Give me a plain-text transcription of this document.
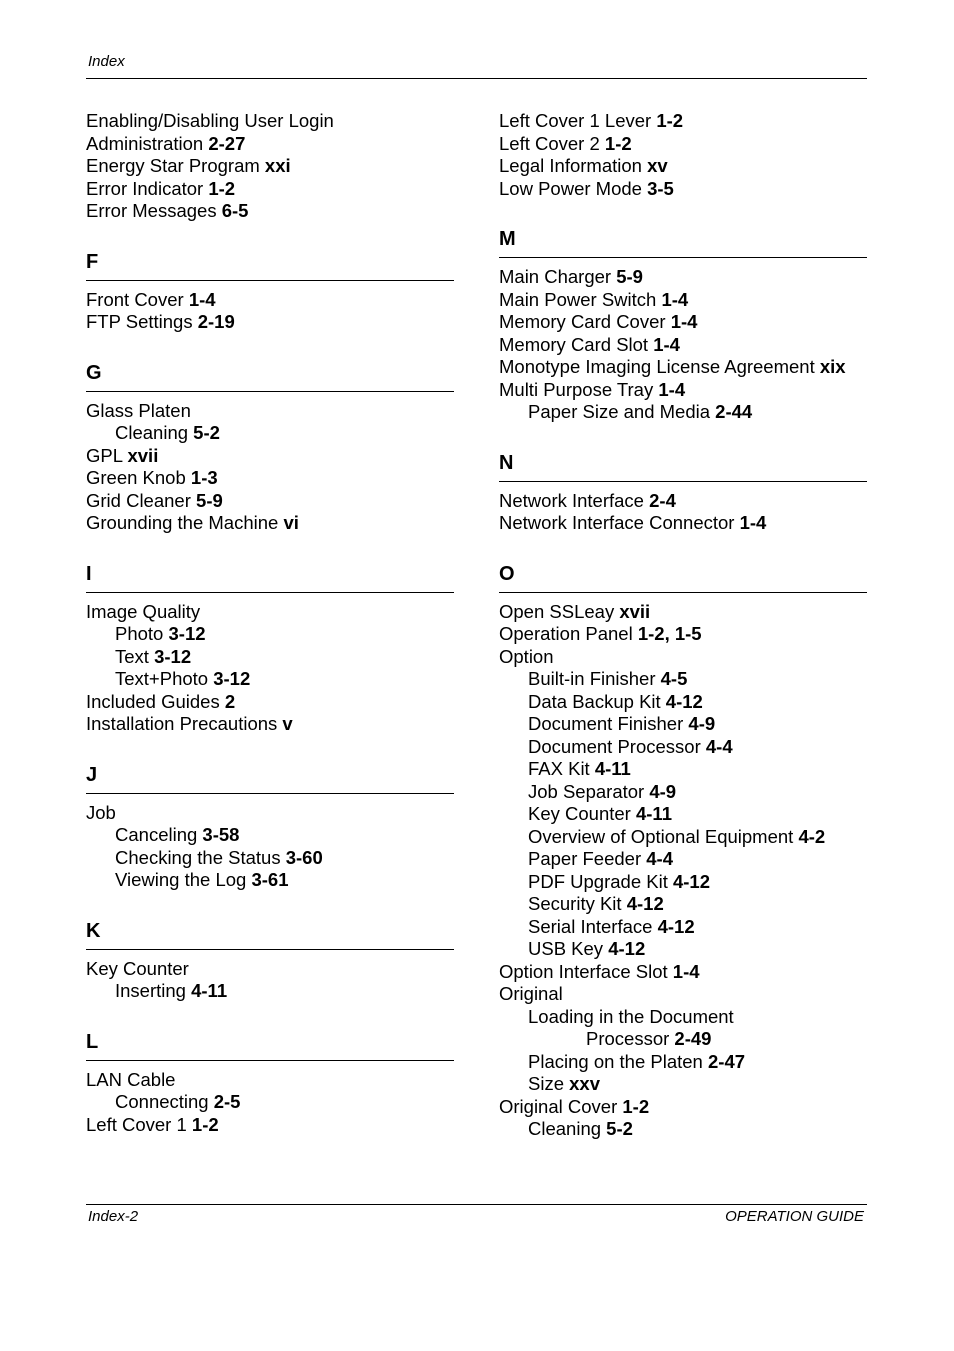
Index
Enabling/Disabling User Login
Administration 2-27
Energy Star Program xxi
Error Indicator 1-2
Error Messages 6-5
F
Front Cover 1-4
FTP Settings 2-19
G
Glass Platen
Cleaning 5-2
GPL xvii
Green Knob 1-3
Grid Cleaner 5-9
Grounding the Machine vi
I
Image Quality
Photo 3-12
Text 3-12
Text+Photo 3-12
Included Guides 2
Installation Precautions v
J
Job
Canceling 3-58
Checking the Status 3-60
Viewing the Log 3-61
K
Key Counter
Inserting 4-11
L
LAN Cable
Connecting 2-5
Left Cover 1 1-2
Left Cover 1 Lever 1-2
Left Cover 2 1-2
Legal Information xv
Low Power Mode 3-5
M
Main Charger 5-9
Main Power Switch 1-4
Memory Card Cover 1-4
Memory Card Slot 1-4
Monotype Imaging License Agreement xix
Multi Purpose Tray 1-4
Paper Size and Media 2-44
N
Network Interface 2-4
Network Interface Connector 1-4
O
Open SSLeay xvii
Operation Panel 1-2, 1-5
Option
Built-in Finisher 4-5
Data Backup Kit 4-12
Document Finisher 4-9
Document Processor 4-4
FAX Kit 4-11
Job Separator 4-9
Key Counter 4-11
Overview of Optional Equipment 4-2
Paper Feeder 4-4
PDF Upgrade Kit 4-12
Security Kit 4-12
Serial Interface 4-12
USB Key 4-12
Option Interface Slot 1-4
Original
Loading in the Document
Processor 2-49
Placing on the Platen 2-47
Size xxv
Original Cover 1-2
Cleaning 5-2
Index-2	OPERATION GUIDE
